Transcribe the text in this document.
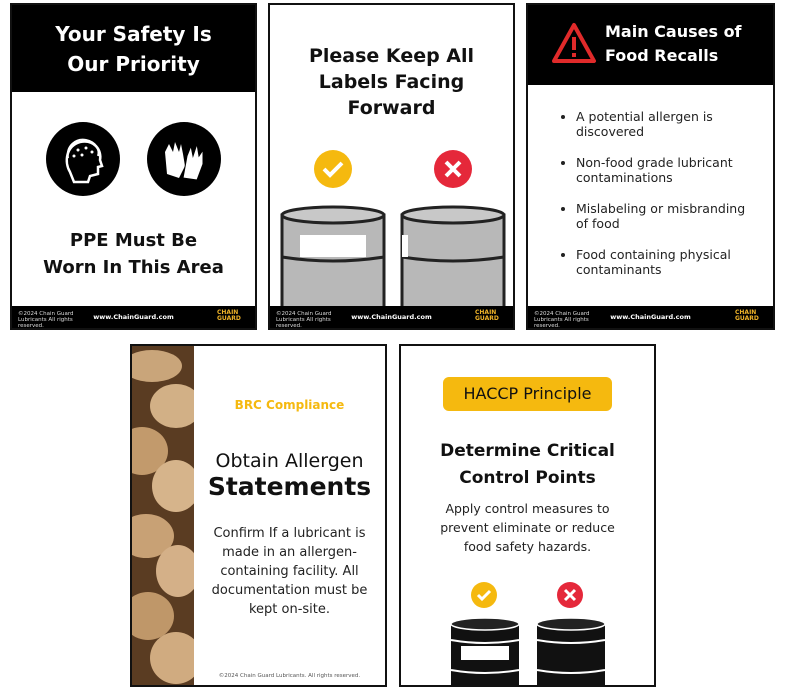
Your Safety Is Our Priority
PPE Must Be Worn In This Area
©2024 Chain Guard Lubricants All rights reserved.
www.ChainGuard.com
CHAIN GUARD
Please Keep All Labels Facing Forward
©2024 Chain Guard Lubricants All rights reserved.
www.ChainGuard.com
CHAIN GUARD
Main Causes of Food Recalls
• A potential allergen is discovered
• Non-food grade lubricant contaminations
• Mislabeling or misbranding of food
• Food containing physical contaminants
©2024 Chain Guard Lubricants All rights reserved.
www.ChainGuard.com
CHAIN GUARD
BRC Compliance
Obtain Allergen
Statements
Confirm If a lubricant is made in an allergen-containing facility. All documentation must be kept on-site.
©2024 Chain Guard Lubricants. All rights reserved.
HACCP Principle
Determine Critical Control Points
Apply control measures to prevent eliminate or reduce food safety hazards.
